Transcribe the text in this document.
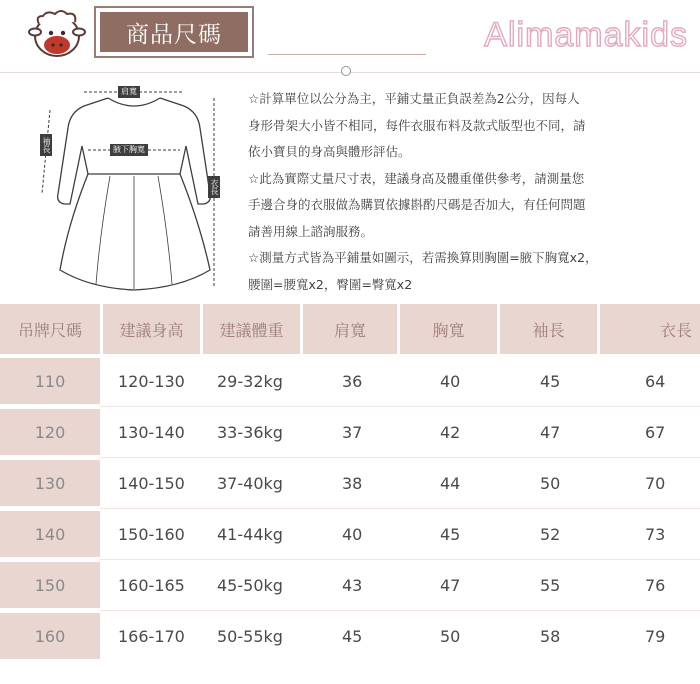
商品尺碼	Alimamakids
肩寬
腋下胸寬
袖長
衣長

☆計算單位以公分為主，平鋪丈量正負誤差為2公分，因每人

身形骨架大小皆不相同，每件衣服布料及款式版型也不同，請

依小寶貝的身高與體形評估。

☆此為實際丈量尺寸表，建議身高及體重僅供參考，請測量您

手邊合身的衣服做為購買依據斟酌尺碼是否加大，有任何問題

請善用線上諮詢服務。

☆測量方式皆為平鋪量如圖示，若需換算則胸圍=腋下胸寬x2，

腰圍=腰寬x2，臀圍=臀寬x2

吊牌尺碼	建議身高	建議體重	肩寬	胸寬	袖長	衣長
110	120-130 29-32kg	36	40	45	64
120	130-140 33-36kg	37	42	47	67
130	140-150 37-40kg	38	44	50	70
140	150-160 41-44kg	40	45	52	73
150	160-165 45-50kg	43	47	55	76
160	166-170 50-55kg	45	50	58	79
